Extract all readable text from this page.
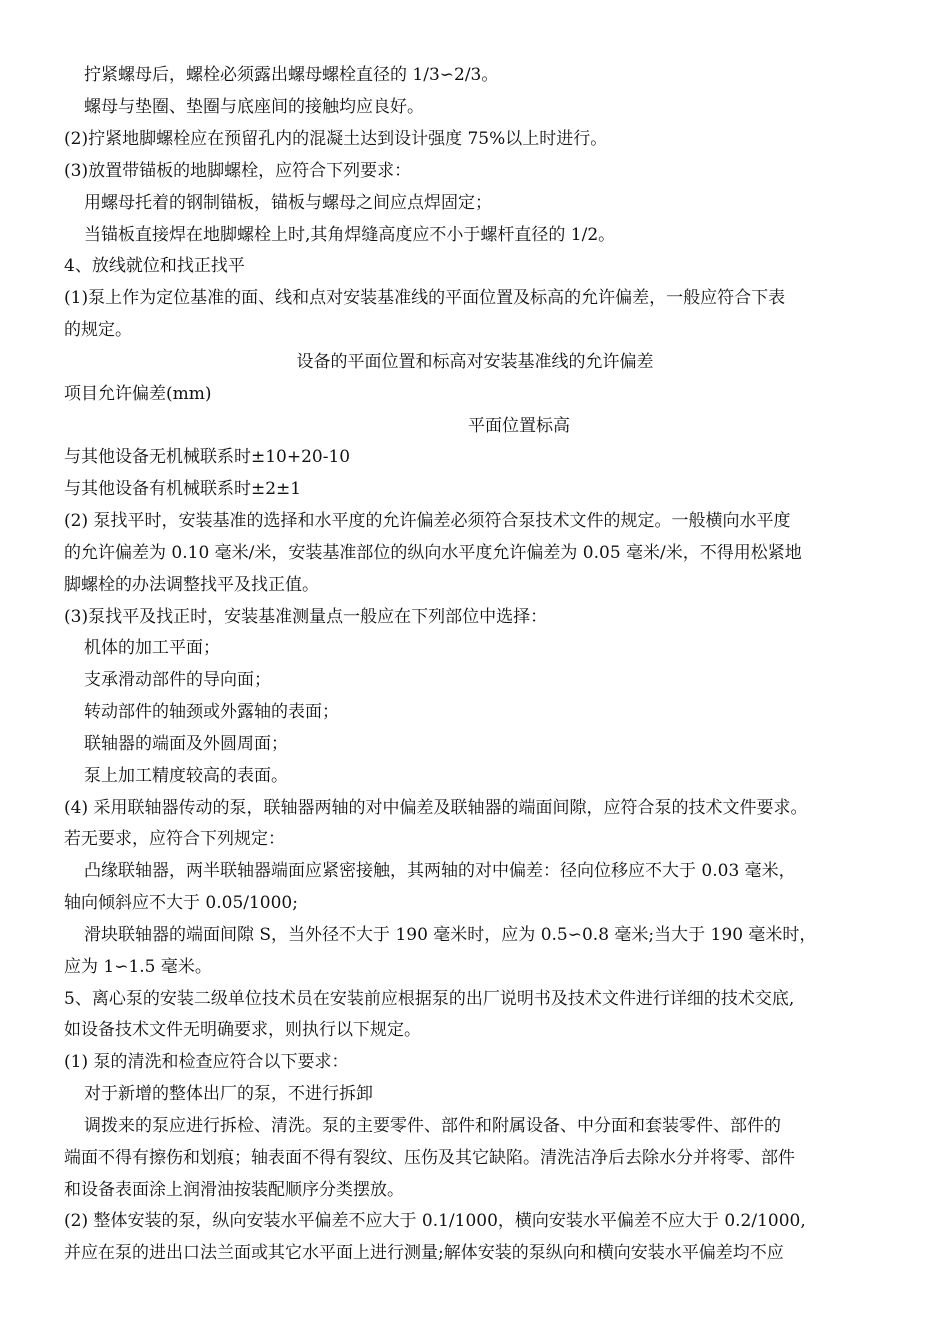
拧紧螺母后，螺栓必须露出螺母螺栓直径的 1/3∽2/3。
螺母与垫圈、垫圈与底座间的接触均应良好。
(2)拧紧地脚螺栓应在预留孔内的混凝土达到设计强度 75%以上时进行。
(3)放置带锚板的地脚螺栓，应符合下列要求：
用螺母托着的钢制锚板，锚板与螺母之间应点焊固定；
当锚板直接焊在地脚螺栓上时,其角焊缝高度应不小于螺杆直径的 1/2。
4、放线就位和找正找平
(1)泵上作为定位基准的面、线和点对安装基准线的平面位置及标高的允许偏差，一般应符合下表
的规定。
设备的平面位置和标高对安装基准线的允许偏差
项目允许偏差(mm)
平面位置标高
与其他设备无机械联系时±10+20-10
与其他设备有机械联系时±2±1
(2) 泵找平时，安装基准的选择和水平度的允许偏差必须符合泵技术文件的规定。一般横向水平度
的允许偏差为 0.10 毫米/米，安装基准部位的纵向水平度允许偏差为 0.05 毫米/米，不得用松紧地
脚螺栓的办法调整找平及找正值。
(3)泵找平及找正时，安装基准测量点一般应在下列部位中选择：
机体的加工平面；
支承滑动部件的导向面；
转动部件的轴颈或外露轴的表面；
联轴器的端面及外圆周面；
泵上加工精度较高的表面。
(4) 采用联轴器传动的泵，联轴器两轴的对中偏差及联轴器的端面间隙，应符合泵的技术文件要求。
若无要求，应符合下列规定：
凸缘联轴器，两半联轴器端面应紧密接触，其两轴的对中偏差：径向位移应不大于 0.03 毫米，
轴向倾斜应不大于 0.05/1000;
滑块联轴器的端面间隙 S，当外径不大于 190 毫米时，应为 0.5∽0.8 毫米;当大于 190 毫米时，
应为 1∽1.5 毫米。
5、离心泵的安装二级单位技术员在安装前应根据泵的出厂说明书及技术文件进行详细的技术交底,
如设备技术文件无明确要求，则执行以下规定。
(1) 泵的清洗和检查应符合以下要求：
对于新增的整体出厂的泵，不进行拆卸
调拨来的泵应进行拆检、清洗。泵的主要零件、部件和附属设备、中分面和套装零件、部件的
端面不得有擦伤和划痕；轴表面不得有裂纹、压伤及其它缺陷。清洗洁净后去除水分并将零、部件
和设备表面涂上润滑油按装配顺序分类摆放。
(2) 整体安装的泵，纵向安装水平偏差不应大于 0.1/1000，横向安装水平偏差不应大于 0.2/1000,
并应在泵的进出口法兰面或其它水平面上进行测量;解体安装的泵纵向和横向安装水平偏差均不应
